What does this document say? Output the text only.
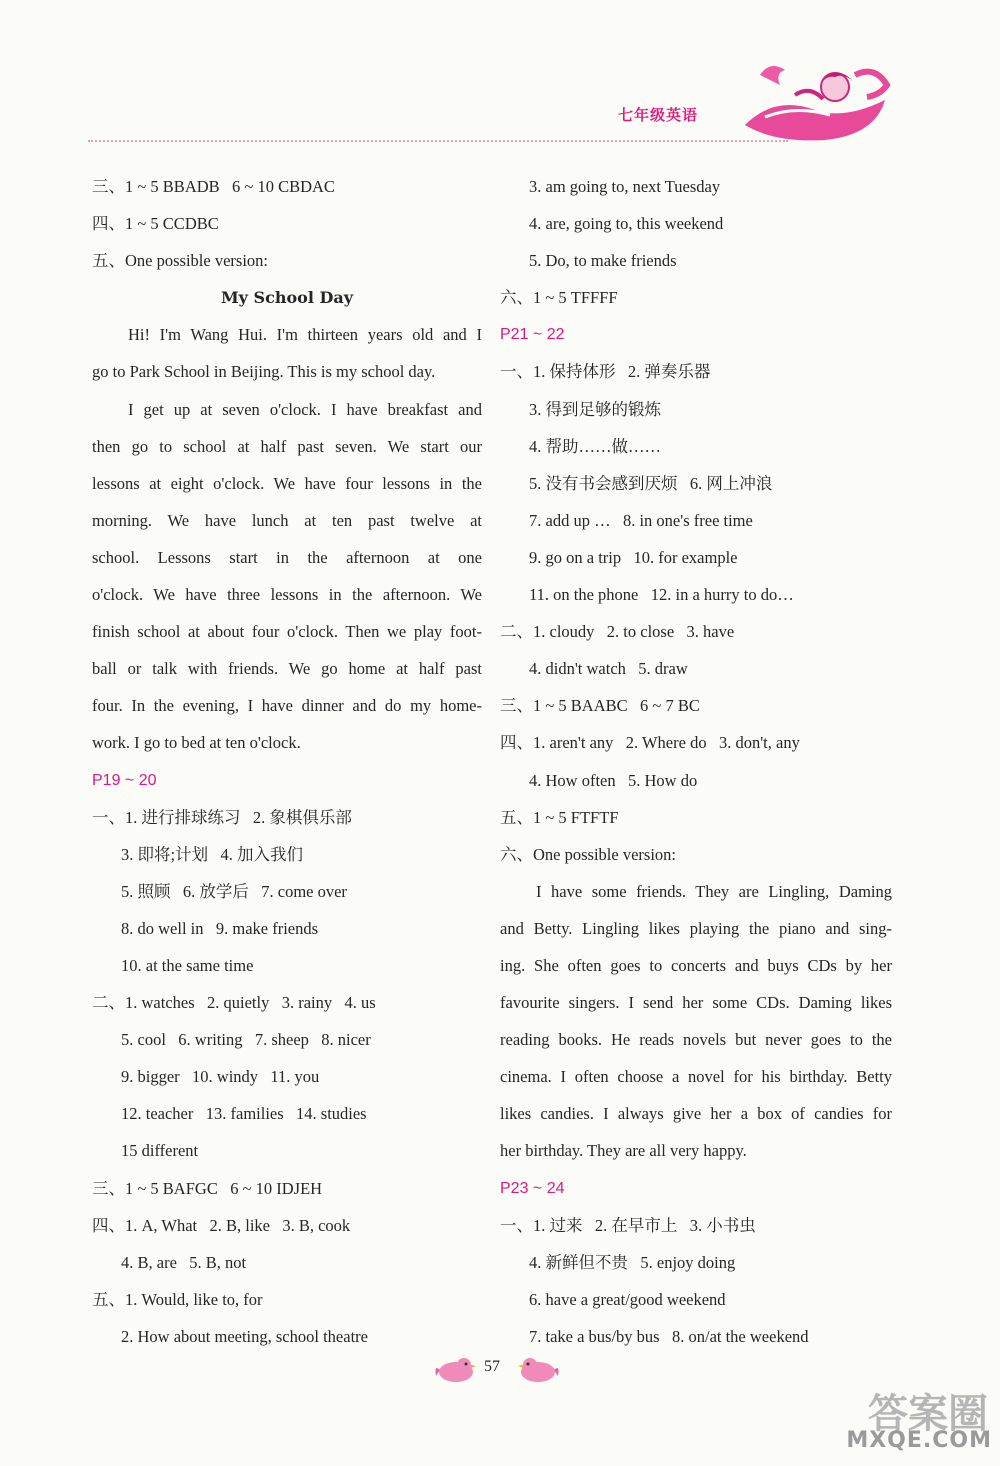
七年级英语
三、1 ~ 5 BBADB   6 ~ 10 CBDAC
四、1 ~ 5 CCDBC
五、One possible version:
My School Day
Hi! I'm Wang Hui. I'm thirteen years old and I
go to Park School in Beijing. This is my school day.
I get up at seven o'clock. I have breakfast and
then go to school at half past seven. We start our
lessons at eight o'clock. We have four lessons in the
morning. We have lunch at ten past twelve at
school. Lessons start in the afternoon at one
o'clock. We have three lessons in the afternoon. We
finish school at about four o'clock. Then we play foot-
ball or talk with friends. We go home at half past
four. In the evening, I have dinner and do my home-
work. I go to bed at ten o'clock.
P19 ~ 20
一、1. 进行排球练习   2. 象棋俱乐部
3. 即将;计划   4. 加入我们
5. 照顾   6. 放学后   7. come over
8. do well in   9. make friends
10. at the same time
二、1. watches   2. quietly   3. rainy   4. us
5. cool   6. writing   7. sheep   8. nicer
9. bigger   10. windy   11. you
12. teacher   13. families   14. studies
15 different
三、1 ~ 5 BAFGC   6 ~ 10 IDJEH
四、1. A, What   2. B, like   3. B, cook
4. B, are   5. B, not
五、1. Would, like to, for
2. How about meeting, school theatre
3. am going to, next Tuesday
4. are, going to, this weekend
5. Do, to make friends
六、1 ~ 5 TFFFF
P21 ~ 22
一、1. 保持体形   2. 弹奏乐器
3. 得到足够的锻炼
4. 帮助……做……
5. 没有书会感到厌烦   6. 网上冲浪
7. add up …   8. in one's free time
9. go on a trip   10. for example
11. on the phone   12. in a hurry to do…
二、1. cloudy   2. to close   3. have
4. didn't watch   5. draw
三、1 ~ 5 BAABC   6 ~ 7 BC
四、1. aren't any   2. Where do   3. don't, any
4. How often   5. How do
五、1 ~ 5 FTFTF
六、One possible version:
I have some friends. They are Lingling, Daming
and Betty. Lingling likes playing the piano and sing-
ing. She often goes to concerts and buys CDs by her
favourite singers. I send her some CDs. Daming likes
reading books. He reads novels but never goes to the
cinema. I often choose a novel for his birthday. Betty
likes candies. I always give her a box of candies for
her birthday. They are all very happy.
P23 ~ 24
一、1. 过来   2. 在早市上   3. 小书虫
4. 新鲜但不贵   5. enjoy doing
6. have a great/good weekend
7. take a bus/by bus   8. on/at the weekend
57
答案圈
MXQE.COM
